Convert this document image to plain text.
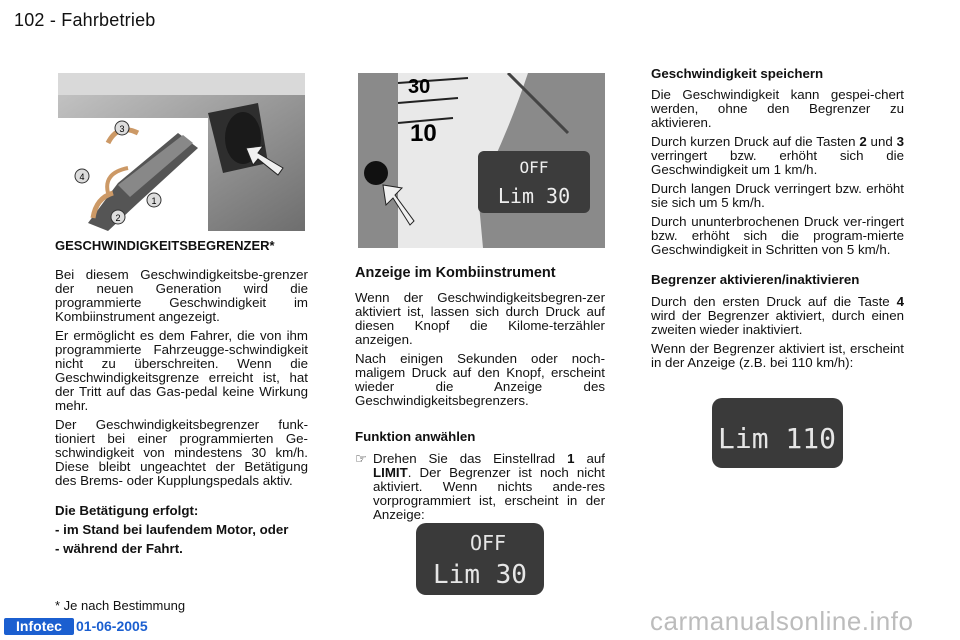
102 - Fahrbetrieb
3
4
1
2
30
10
OFF
Lim 30
GESCHWINDIGKEITSBEGRENZER*

Bei diesem Geschwindigkeitsbe-grenzer der neuen Generation wird die programmierte Geschwindigkeit im Kombiinstrument angezeigt.

Er ermöglicht es dem Fahrer, die von ihm programmierte Fahrzeugge-schwindigkeit nicht zu überschreiten. Wenn die Geschwindigkeitsgrenze erreicht ist, hat der Tritt auf das Gas-pedal keine Wirkung mehr.

Der Geschwindigkeitsbegrenzer funk-tioniert bei einer programmierten Ge-schwindigkeit von mindestens 30 km/h. Diese bleibt ungeachtet der Betätigung des Brems- oder Kupplungspedals aktiv.

Die Betätigung erfolgt:

- im Stand bei laufendem Motor, oder

- während der Fahrt.

* Je nach Bestimmung
Anzeige im Kombiinstrument

Wenn der Geschwindigkeitsbegren-zer aktiviert ist, lassen sich durch Druck auf diesen Knopf die Kilome-terzähler anzeigen.

Nach einigen Sekunden oder noch-maligem Druck auf den Knopf, erscheint wieder die Anzeige des Geschwindigkeitsbegrenzers.

Funktion anwählen

☞ Drehen Sie das Einstellrad 1 auf LIMIT. Der Begrenzer ist noch nicht aktiviert. Wenn nichts ande-res vorprogrammiert ist, erscheint in der Anzeige:
OFF
Lim 30

Geschwindigkeit speichern

Die Geschwindigkeit kann gespei-chert werden, ohne den Begrenzer zu aktivieren.

Durch kurzen Druck auf die Tasten 2 und 3 verringert bzw. erhöht sich die Geschwindigkeit um 1 km/h.

Durch langen Druck verringert bzw. erhöht sie sich um 5 km/h.

Durch ununterbrochenen Druck ver-ringert bzw. erhöht sich die program-mierte Geschwindigkeit in Schritten von 5 km/h.

Begrenzer aktivieren/inaktivieren

Durch den ersten Druck auf die Taste 4 wird der Begrenzer aktiviert, durch einen zweiten wieder inaktiviert.

Wenn der Begrenzer aktiviert ist, erscheint in der Anzeige (z.B. bei 110 km/h):

Lim 110
Infotec	01-06-2005	carmanualsonline.info
